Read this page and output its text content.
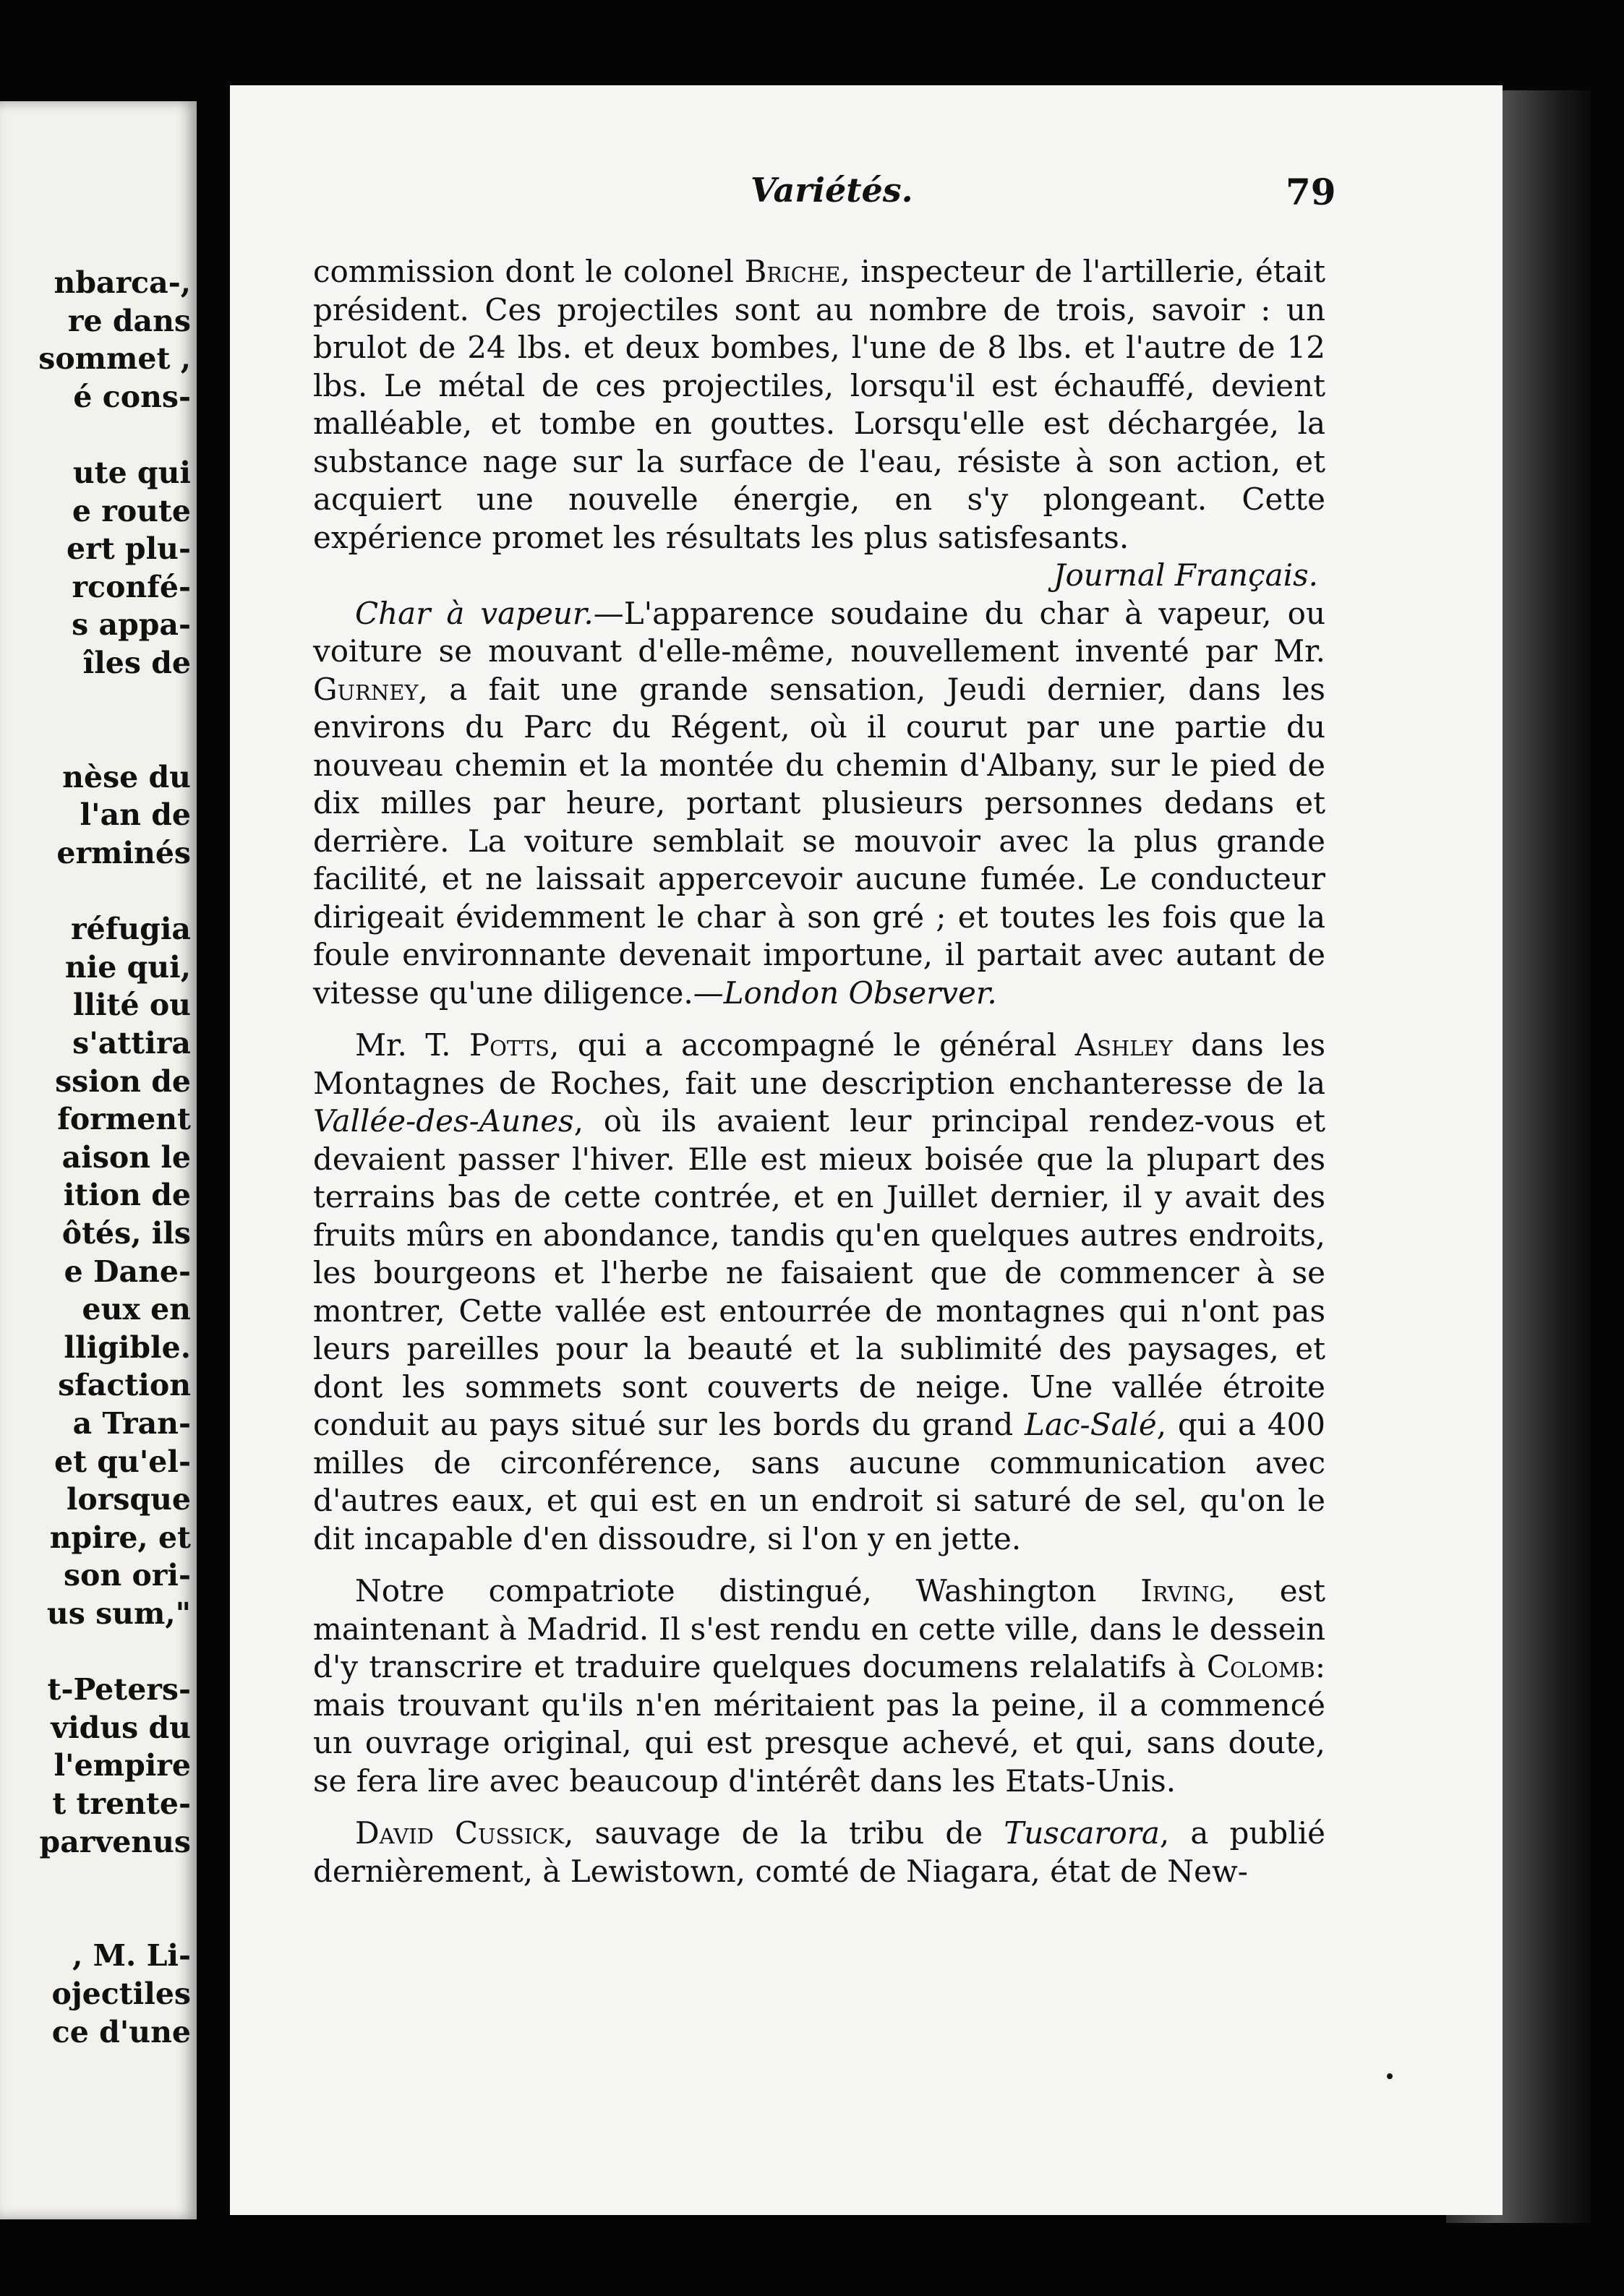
nbarca-,
re dans
sommet ,
é cons-
ute qui
e route
ert plu-
rconfé-
s appa-
îles de
nèse du
l'an de
erminés
réfugia
nie qui,
llité ou
s'attira
ssion de
forment
aison le
ition de
ôtés, ils
e Dane-
eux en
lligible.
sfaction
a Tran-
et qu'el-
lorsque
npire, et
son ori-
us sum,"
t-Peters-
vidus du
l'empire
t trente-
parvenus
, M. Li-
ojectiles
ce d'une
Variétés.	79

commission dont le colonel Briche, inspecteur de l'artillerie, était président. Ces projectiles sont au nombre de trois, savoir : un brulot de 24 lbs. et deux bombes, l'une de 8 lbs. et l'autre de 12 lbs. Le métal de ces projectiles, lorsqu'il est échauffé, devient malléable, et tombe en gouttes. Lorsqu'elle est déchargée, la substance nage sur la surface de l'eau, résiste à son action, et acquiert une nouvelle énergie, en s'y plongeant. Cette expérience promet les résultats les plus satisfesants.

Journal Français.

Char à vapeur.—L'apparence soudaine du char à vapeur, ou voiture se mouvant d'elle-même, nouvellement inventé par Mr. Gurney, a fait une grande sensation, Jeudi dernier, dans les environs du Parc du Régent, où il courut par une partie du nouveau chemin et la montée du chemin d'Albany, sur le pied de dix milles par heure, portant plusieurs personnes dedans et derrière. La voiture semblait se mouvoir avec la plus grande facilité, et ne laissait appercevoir aucune fumée. Le conducteur dirigeait évidemment le char à son gré ; et toutes les fois que la foule environnante devenait importune, il partait avec autant de vitesse qu'une diligence.—London Observer.

Mr. T. Potts, qui a accompagné le général Ashley dans les Montagnes de Roches, fait une description enchanteresse de la Vallée-des-Aunes, où ils avaient leur principal rendez-vous et devaient passer l'hiver. Elle est mieux boisée que la plupart des terrains bas de cette contrée, et en Juillet dernier, il y avait des fruits mûrs en abondance, tandis qu'en quelques autres endroits, les bourgeons et l'herbe ne faisaient que de commencer à se montrer, Cette vallée est entourrée de montagnes qui n'ont pas leurs pareilles pour la beauté et la sublimité des paysages, et dont les sommets sont couverts de neige. Une vallée étroite conduit au pays situé sur les bords du grand Lac-Salé, qui a 400 milles de circonférence, sans aucune communication avec d'autres eaux, et qui est en un endroit si saturé de sel, qu'on le dit incapable d'en dissoudre, si l'on y en jette.

Notre compatriote distingué, Washington Irving, est maintenant à Madrid. Il s'est rendu en cette ville, dans le dessein d'y transcrire et traduire quelques documens relalatifs à Colomb: mais trouvant qu'ils n'en méritaient pas la peine, il a commencé un ouvrage original, qui est presque achevé, et qui, sans doute, se fera lire avec beaucoup d'intérêt dans les Etats-Unis.

David Cussick, sauvage de la tribu de Tuscarora, a publié dernièrement, à Lewistown, comté de Niagara, état de New-
